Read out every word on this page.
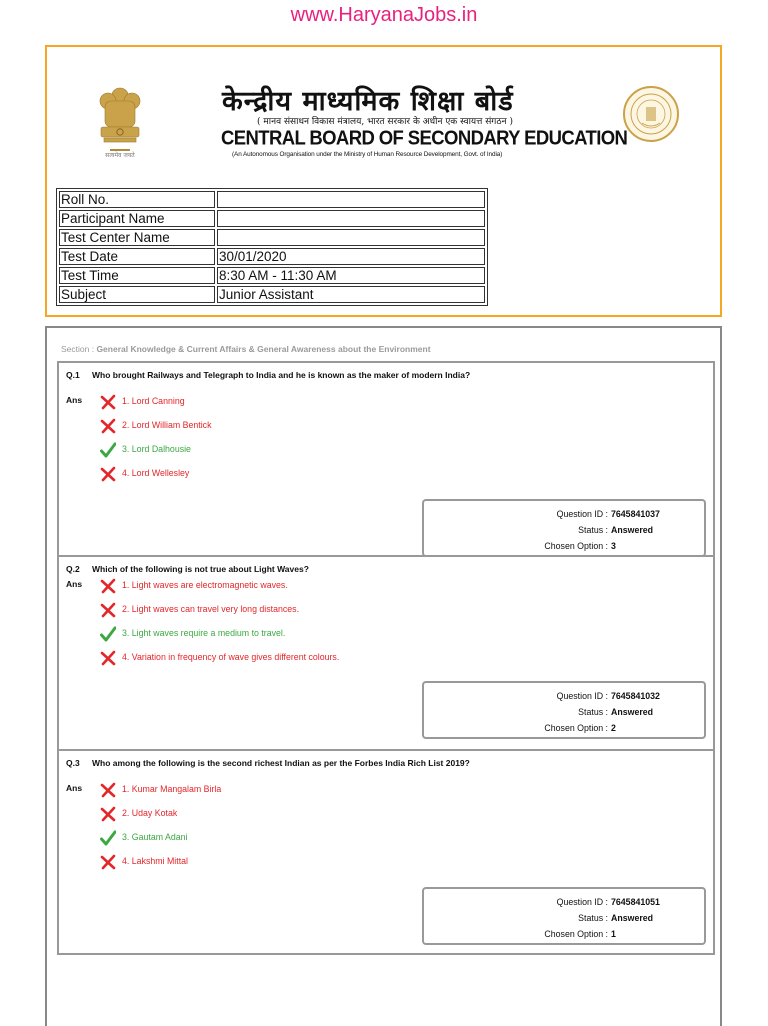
www.HaryanaJobs.in
सत्यमेव जयते
केन्द्रीय माध्यमिक शिक्षा बोर्ड
( मानव संसाधन विकास मंत्रालय, भारत सरकार के अधीन एक स्वायत्त संगठन )
CENTRAL BOARD OF SECONDARY EDUCATION
(An Autonomous Organisation under the Ministry of Human Resource Development, Govt. of India)
Roll No.	
Participant Name	
Test Center Name	
Test Date	30/01/2020
Test Time	8:30 AM - 11:30 AM
Subject	Junior Assistant
Section : General Knowledge & Current Affairs & General Awareness about the Environment
Q.1 Who brought Railways and Telegraph to India and he is known as the maker of modern India?
Ans	1. Lord Canning
2. Lord William Bentick
3. Lord Dalhousie
4. Lord Wellesley
Question ID : 7645841037
Status : Answered
Chosen Option : 3
Q.2 Which of the following is not true about Light Waves?
Ans	1. Light waves are electromagnetic waves.
2. Light waves can travel very long distances.
3. Light waves require a medium to travel.
4. Variation in frequency of wave gives different colours.
Question ID : 7645841032
Status : Answered
Chosen Option : 2
Q.3 Who among the following is the second richest Indian as per the Forbes India Rich List 2019?
Ans	1. Kumar Mangalam Birla
2. Uday Kotak
3. Gautam Adani
4. Lakshmi Mittal
Question ID : 7645841051
Status : Answered
Chosen Option : 1
